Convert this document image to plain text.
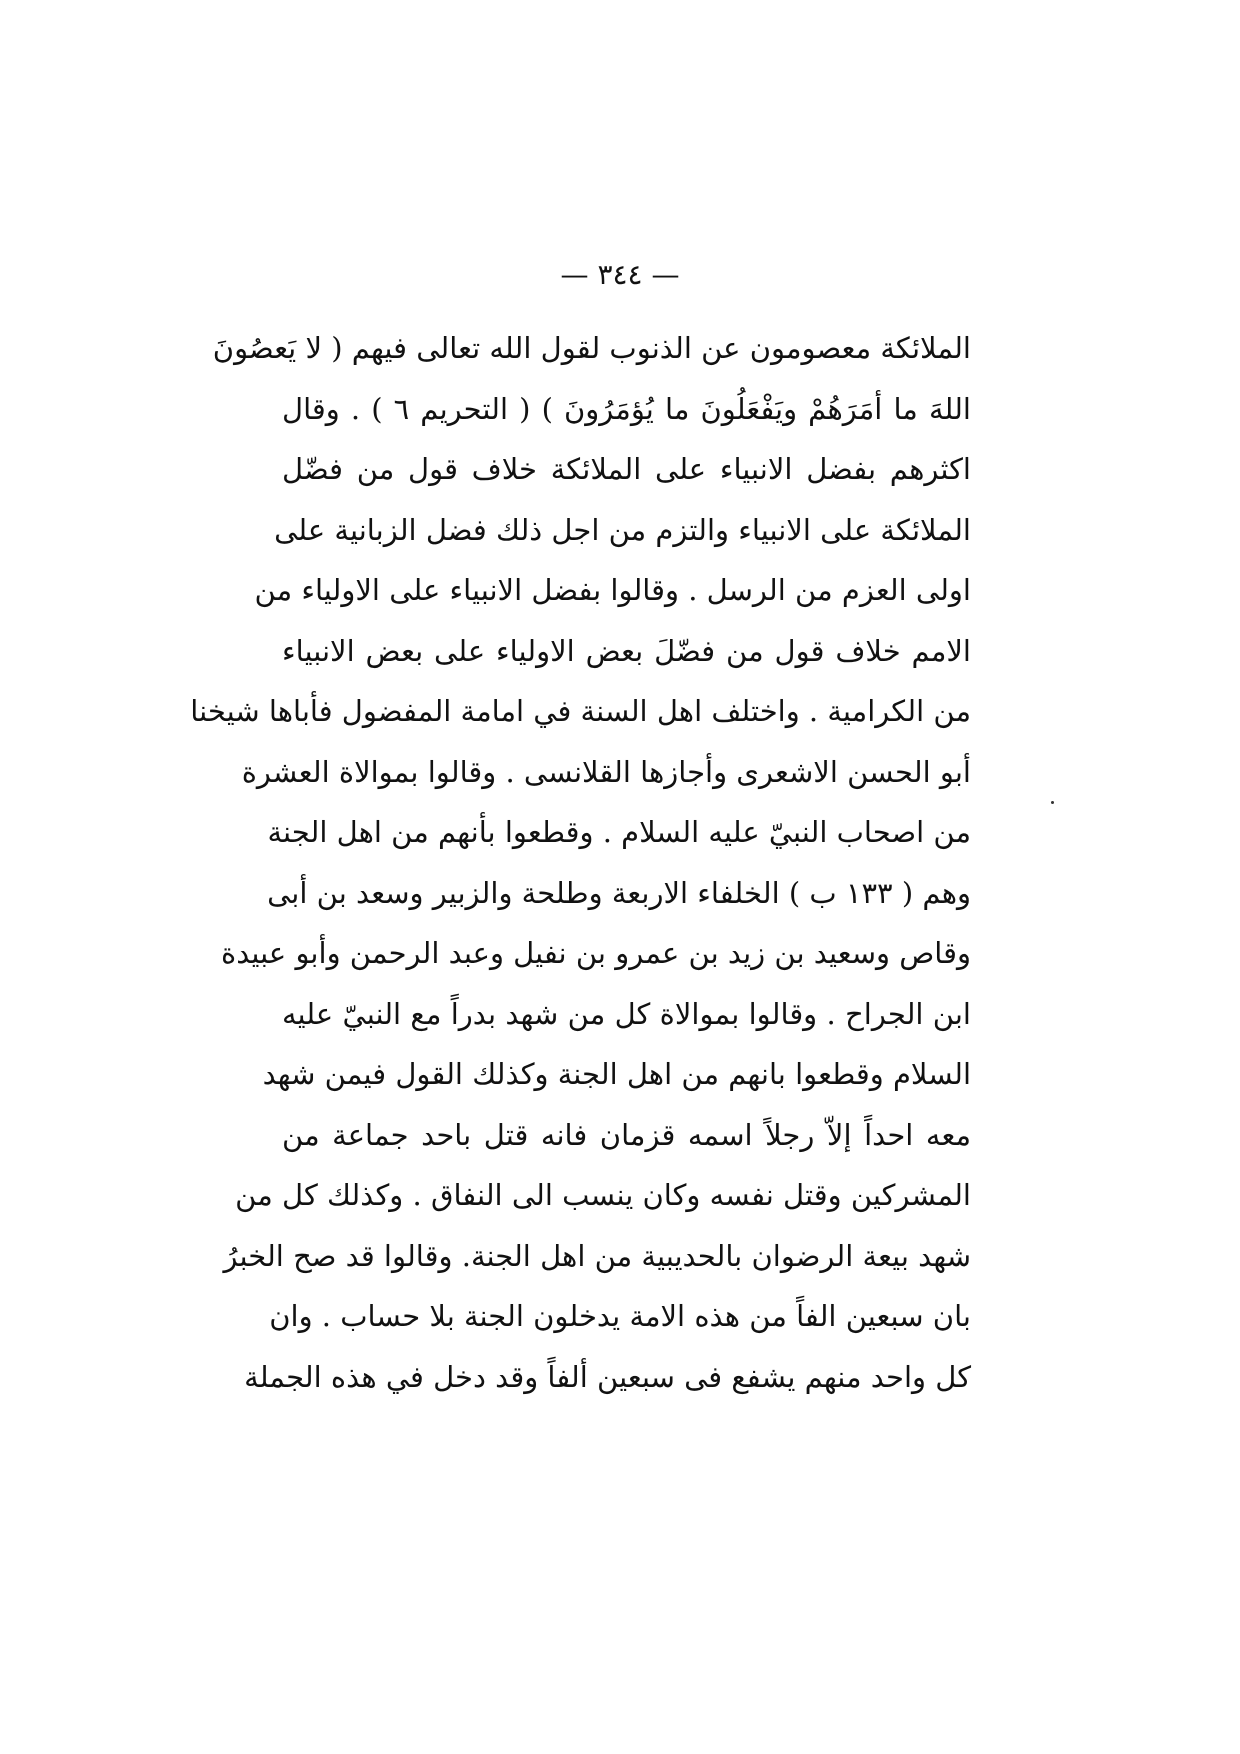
— ٣٤٤ —
الملائكة معصومون عن الذنوب لقول الله تعالى فيهم ( لا يَعصُونَ
اللهَ ما أمَرَهُمْ ويَفْعَلُونَ ما يُؤمَرُونَ ) ( التحريم ٦ ) . وقال
اكثرهم بفضل الانبياء على الملائكة خلاف قول من فضّل
الملائكة على الانبياء والتزم من اجل ذلك فضل الزبانية على
اولى العزم من الرسل . وقالوا بفضل الانبياء على الاولياء من
الامم خلاف قول من فضّلَ بعض الاولياء على بعض الانبياء
من الكرامية . واختلف اهل السنة في امامة المفضول فأباها شيخنا
أبو الحسن الاشعرى وأجازها القلانسى . وقالوا بموالاة العشرة
من اصحاب النبيّ عليه السلام . وقطعوا بأنهم من اهل الجنة
وهم ( ١٣٣ ب ) الخلفاء الاربعة وطلحة والزبير وسعد بن أبى
وقاص وسعيد بن زيد بن عمرو بن نفيل وعبد الرحمن وأبو عبيدة
ابن الجراح . وقالوا بموالاة كل من شهد بدراً مع النبيّ عليه
السلام وقطعوا بانهم من اهل الجنة وكذلك القول فيمن شهد
معه احداً إلاّ رجلاً اسمه قزمان فانه قتل باحد جماعة من
المشركين وقتل نفسه وكان ينسب الى النفاق . وكذلك كل من
شهد بيعة الرضوان بالحديبية من اهل الجنة. وقالوا قد صح الخبرُ
بان سبعين الفاً من هذه الامة يدخلون الجنة بلا حساب . وان
كل واحد منهم يشفع فى سبعين ألفاً وقد دخل في هذه الجملة
